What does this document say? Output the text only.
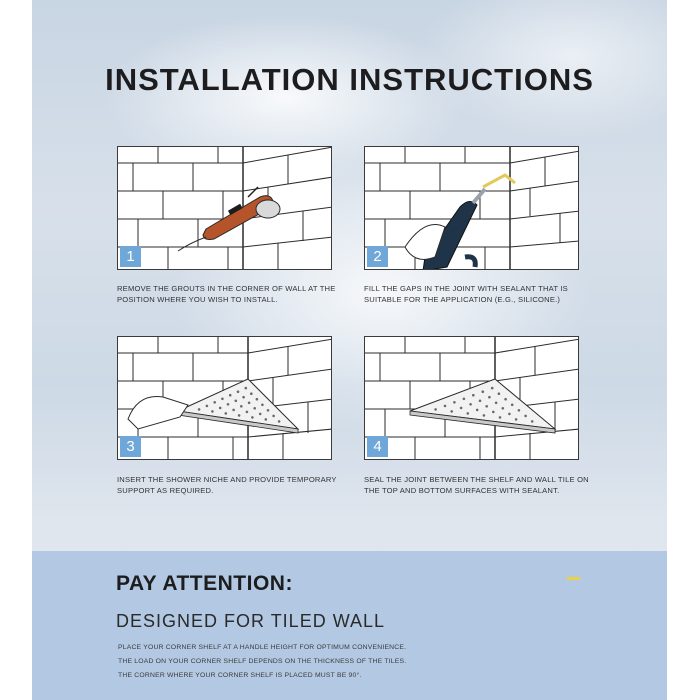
INSTALLATION INSTRUCTIONS
1

REMOVE THE GROUTS IN THE CORNER OF WALL AT THE POSITION WHERE YOU WISH TO INSTALL.

2

FILL THE GAPS IN THE JOINT WITH SEALANT THAT IS SUITABLE FOR THE APPLICATION (E.G., SILICONE.)

3

INSERT THE SHOWER NICHE AND PROVIDE TEMPORARY SUPPORT AS REQUIRED.

4

SEAL THE JOINT BETWEEN THE SHELF AND WALL TILE ON THE TOP AND BOTTOM SURFACES WITH SEALANT.

PAY ATTENTION:
DESIGNED FOR TILED WALL

PLACE YOUR CORNER SHELF AT A HANDLE HEIGHT FOR OPTIMUM CONVENIENCE.

THE LOAD ON YOUR CORNER SHELF DEPENDS ON THE THICKNESS OF THE TILES.

THE CORNER WHERE YOUR CORNER SHELF IS PLACED MUST BE 90°.
